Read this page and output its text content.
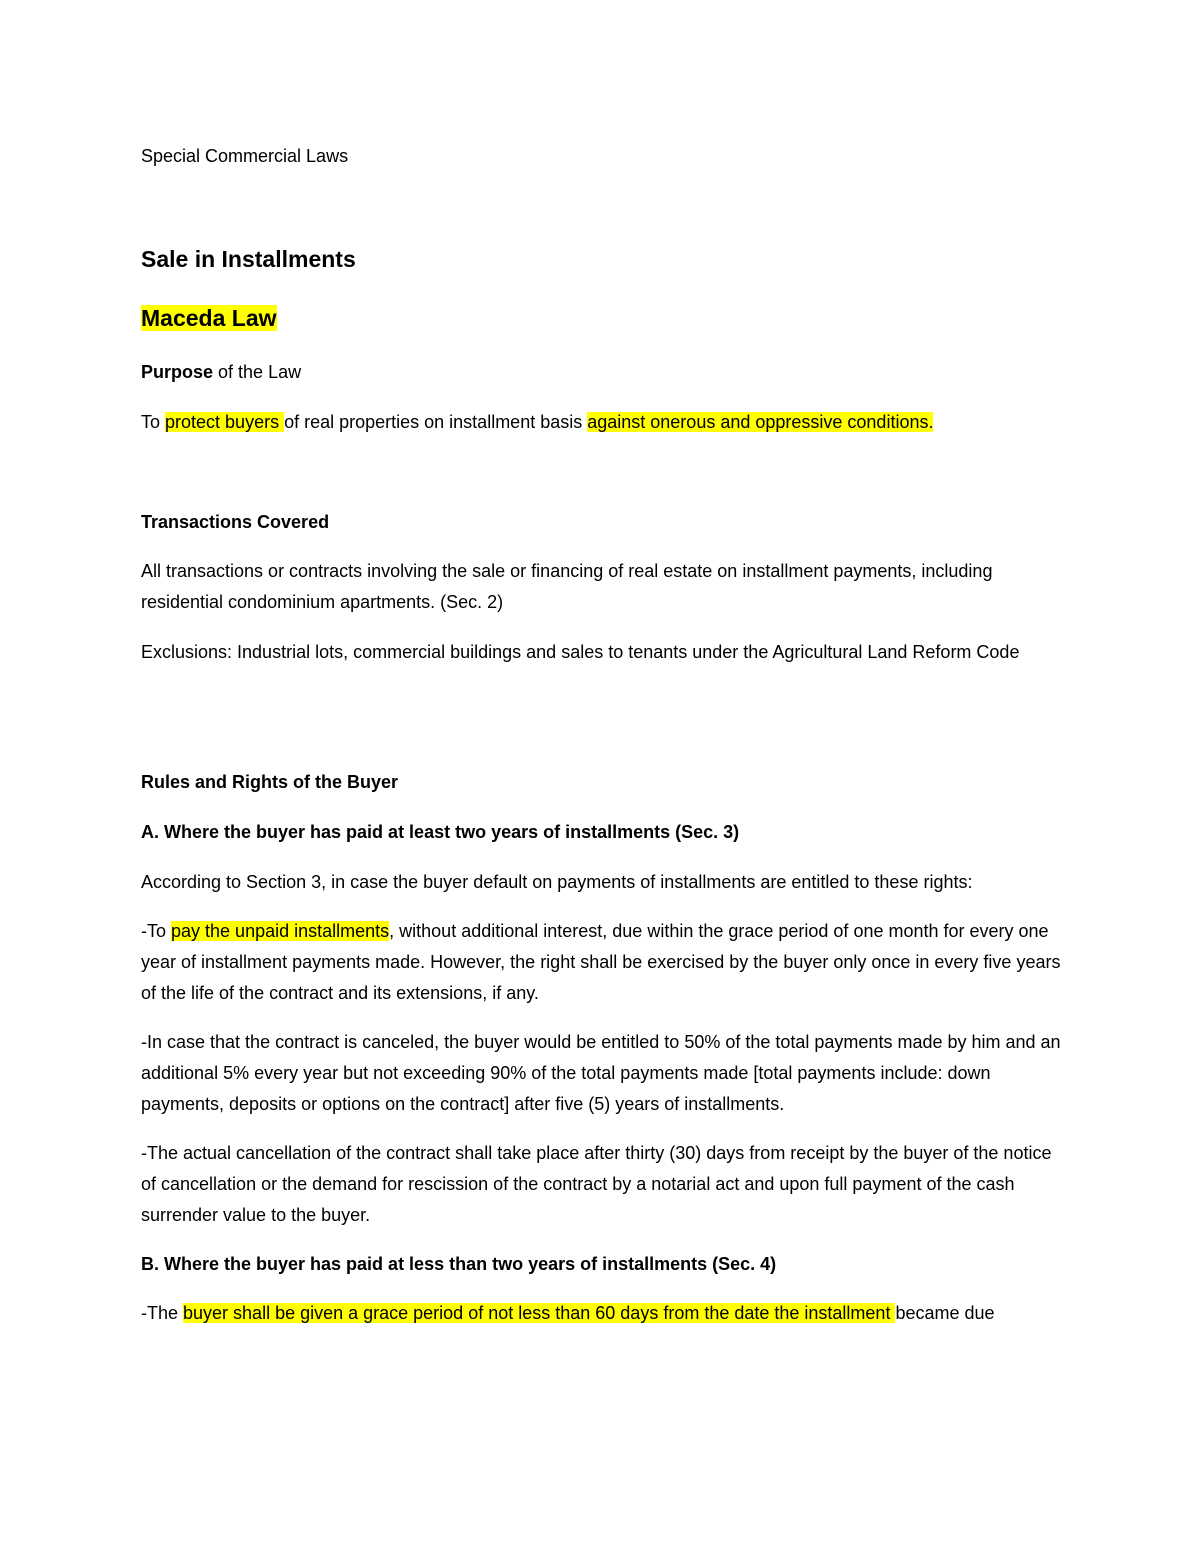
Special Commercial Laws
Sale in Installments
Maceda Law
Purpose of the Law
To protect buyers of real properties on installment basis against onerous and oppressive conditions.
Transactions Covered
All transactions or contracts involving the sale or financing of real estate on installment payments, including residential condominium apartments. (Sec. 2)
Exclusions: Industrial lots, commercial buildings and sales to tenants under the Agricultural Land Reform Code
Rules and Rights of the Buyer
A. Where the buyer has paid at least two years of installments (Sec. 3)
According to Section 3, in case the buyer default on payments of installments are entitled to these rights:
-To pay the unpaid installments, without additional interest, due within the grace period of one month for every one year of installment payments made. However, the right shall be exercised by the buyer only once in every five years of the life of the contract and its extensions, if any.
-In case that the contract is canceled, the buyer would be entitled to 50% of the total payments made by him and an additional 5% every year but not exceeding 90% of the total payments made [total payments include: down payments, deposits or options on the contract] after five (5) years of installments.
-The actual cancellation of the contract shall take place after thirty (30) days from receipt by the buyer of the notice of cancellation or the demand for rescission of the contract by a notarial act and upon full payment of the cash surrender value to the buyer.
B. Where the buyer has paid at less than two years of installments (Sec. 4)
-The buyer shall be given a grace period of not less than 60 days from the date the installment became due
